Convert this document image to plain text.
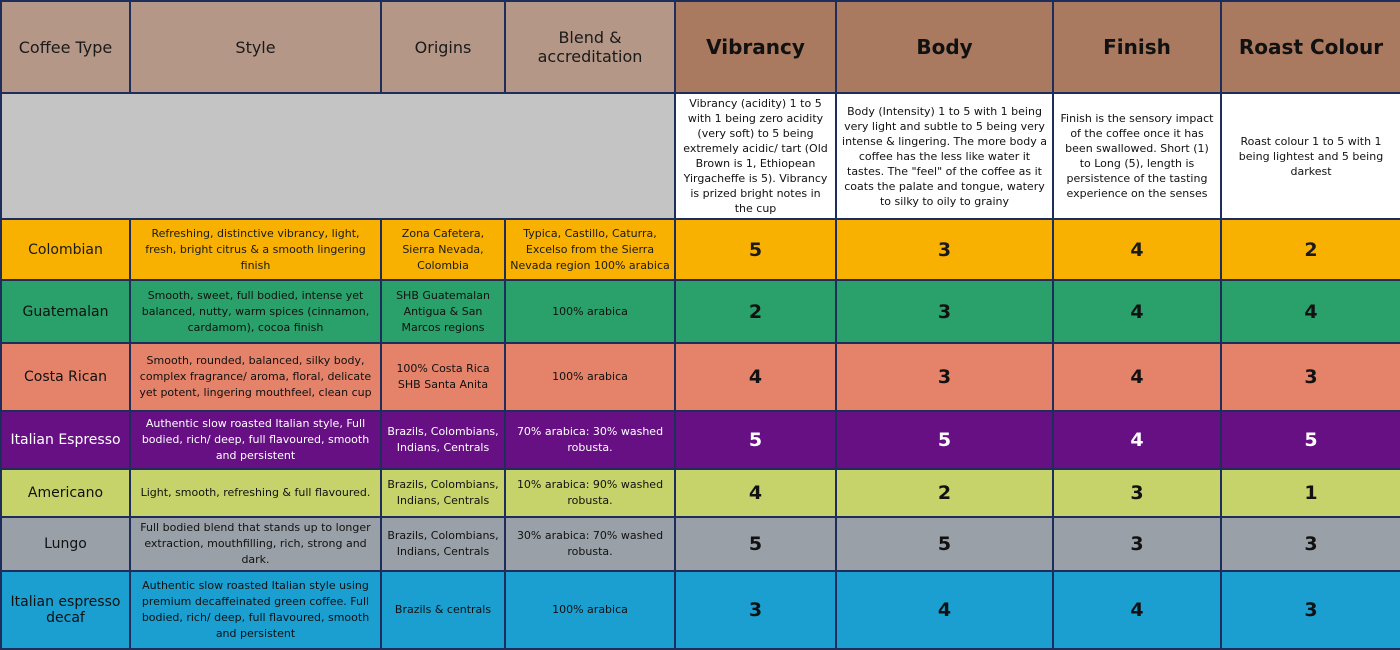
Coffee Type	Style	Origins	Blend & accreditation	Vibrancy	Body	Finish	Roast Colour
				Vibrancy (acidity) 1 to 5 with 1 being zero acidity (very soft) to 5 being extremely acidic/ tart (Old Brown is 1, Ethiopean Yirgacheffe is 5). Vibrancy is prized bright notes in the cup	Body (Intensity) 1 to 5 with 1 being very light and subtle to 5 being very intense & lingering. The more body a coffee has the less like water it tastes. The "feel" of the coffee as it coats the palate and tongue, watery to silky to oily to grainy	Finish is the sensory impact of the coffee once it has been swallowed. Short (1) to Long (5), length is persistence of the tasting experience on the senses	Roast colour 1 to 5 with 1 being lightest and 5 being darkest
Colombian	Refreshing, distinctive vibrancy, light, fresh, bright citrus & a smooth lingering finish	Zona Cafetera, Sierra Nevada, Colombia	Typica, Castillo, Caturra, Excelso from the Sierra Nevada region 100% arabica	5	3	4	2
Guatemalan	Smooth, sweet, full bodied, intense yet balanced, nutty, warm spices (cinnamon, cardamom), cocoa finish	SHB Guatemalan Antigua & San Marcos regions	100% arabica	2	3	4	4
Costa Rican	Smooth, rounded, balanced, silky body, complex fragrance/ aroma, floral, delicate yet potent, lingering mouthfeel, clean cup	100% Costa Rica SHB Santa Anita	100% arabica	4	3	4	3
Italian Espresso	Authentic slow roasted Italian style, Full bodied, rich/ deep, full flavoured, smooth and persistent	Brazils, Colombians, Indians, Centrals	70% arabica: 30% washed robusta.	5	5	4	5
Americano	Light, smooth, refreshing & full flavoured.	Brazils, Colombians, Indians, Centrals	10% arabica: 90% washed robusta.	4	2	3	1
Lungo	Full bodied blend that stands up to longer extraction, mouthfilling, rich, strong and dark.	Brazils, Colombians, Indians, Centrals	30% arabica: 70% washed robusta.	5	5	3	3
Italian espresso decaf	Authentic slow roasted Italian style using premium decaffeinated green coffee. Full bodied, rich/ deep, full flavoured, smooth and persistent	Brazils & centrals	100% arabica	3	4	4	3
